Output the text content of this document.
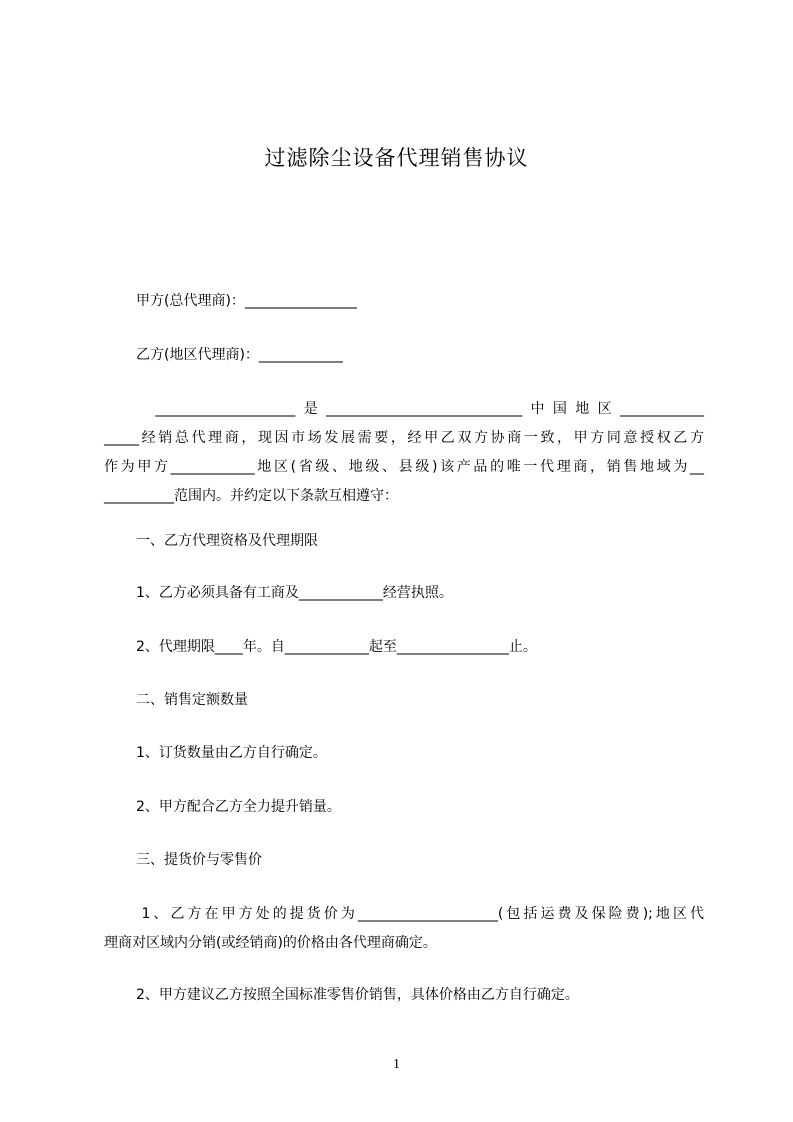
过滤除尘设备代理销售协议
甲方(总代理商)：________________
乙方(地区代理商)：____________
____________________是____________________________中国地区____________
_____经销总代理商，现因市场发展需要，经甲乙双方协商一致，甲方同意授权乙方
作为甲方____________地区(省级、地级、县级)该产品的唯一代理商，销售地域为__
__________范围内。并约定以下条款互相遵守：
一、乙方代理资格及代理期限
1、乙方必须具备有工商及____________经营执照。
2、代理期限____年。自____________起至________________止。
二、销售定额数量
1、订货数量由乙方自行确定。
2、甲方配合乙方全力提升销量。
三、提货价与零售价
1、乙方在甲方处的提货价为____________________(包括运费及保险费);地区代
理商对区域内分销(或经销商)的价格由各代理商确定。
2、甲方建议乙方按照全国标准零售价销售，具体价格由乙方自行确定。
1
